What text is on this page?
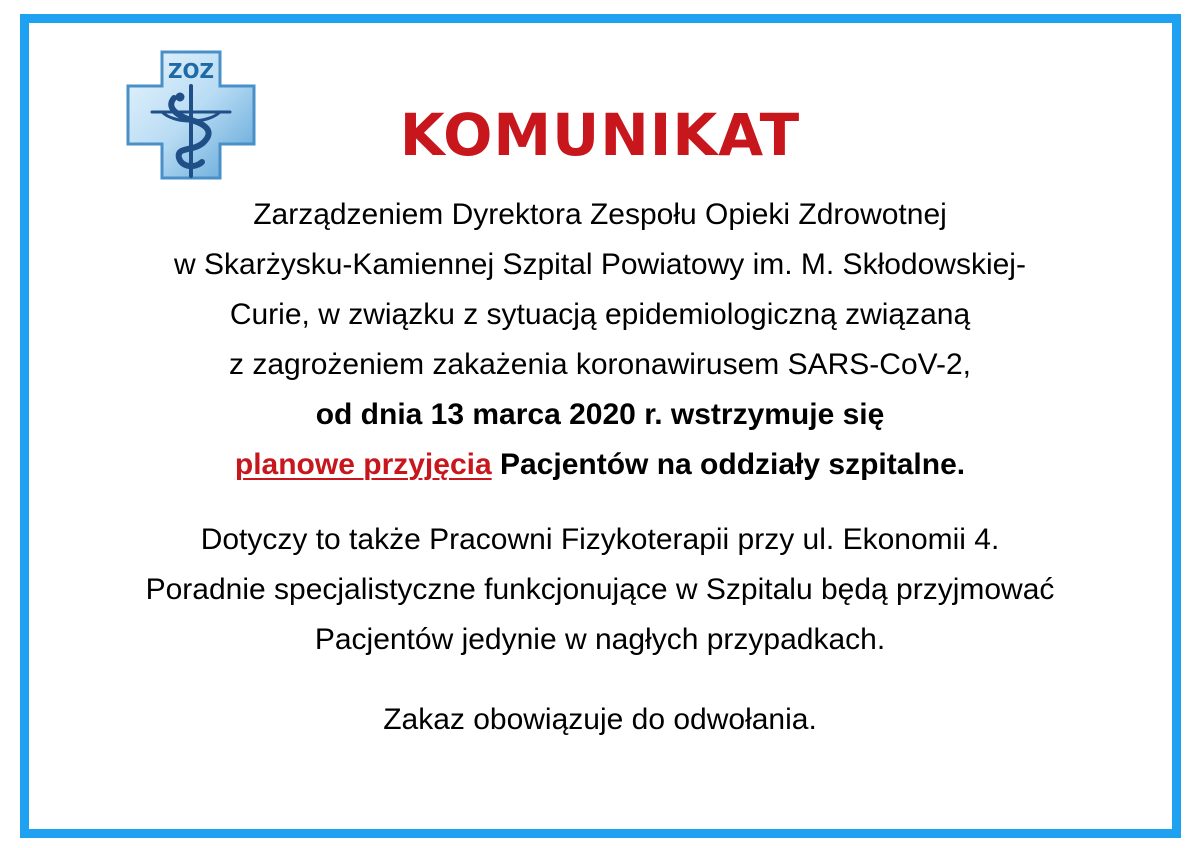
ZOZ
KOMUNIKAT
Zarządzeniem Dyrektora Zespołu Opieki Zdrowotnej
w Skarżysku-Kamiennej Szpital Powiatowy im. M. Skłodowskiej-
Curie, w związku z sytuacją epidemiologiczną związaną
z zagrożeniem zakażenia koronawirusem SARS-CoV-2,
od dnia 13 marca 2020 r. wstrzymuje się
planowe przyjęcia Pacjentów na oddziały szpitalne.
Dotyczy to także Pracowni Fizykoterapii przy ul. Ekonomii 4.
Poradnie specjalistyczne funkcjonujące w Szpitalu będą przyjmować
Pacjentów jedynie w nagłych przypadkach.
Zakaz obowiązuje do odwołania.
